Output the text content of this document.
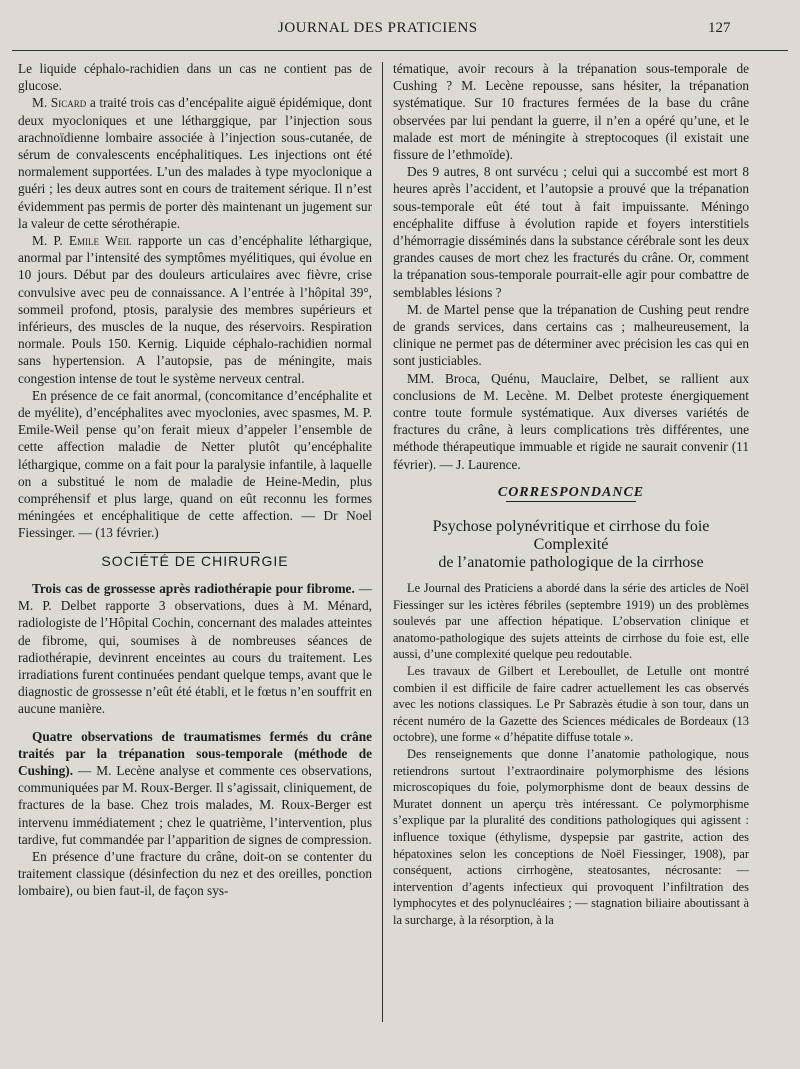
JOURNAL DES PRATICIENS	127

Le liquide céphalo-rachidien dans un cas ne contient pas de glucose.

M. Sicard a traité trois cas d’encépalite aiguë épidémique, dont deux myocloniques et une létharggique, par l’injection sous arachnoïdienne lombaire associée à l’injection sous-cutanée, de sérum de convalescents encéphalitiques. Les injections ont été normalement supportées. L’un des malades à type myoclonique a guéri ; les deux autres sont en cours de traitement sérique. Il n’est évidemment pas permis de porter dès maintenant un jugement sur la valeur de cette sérothérapie.

M. P. Emile Weil rapporte un cas d’encéphalite léthargique, anormal par l’intensité des symptômes myélitiques, qui évolue en 10 jours. Début par des douleurs articulaires avec fièvre, crise convulsive avec peu de connaissance. A l’entrée à l’hôpital 39°, sommeil profond, ptosis, paralysie des membres supérieurs et inférieurs, des muscles de la nuque, des réservoirs. Respiration normale. Pouls 150. Kernig. Liquide céphalo-rachidien normal sans hypertension. A l’autopsie, pas de méningite, mais congestion intense de tout le système nerveux central.

En présence de ce fait anormal, (concomitance d’encéphalite et de myélite), d’encéphalites avec myoclonies, avec spasmes, M. P. Emile-Weil pense qu’on ferait mieux d’appeler l’ensemble de cette affection maladie de Netter plutôt qu’encéphalite léthargique, comme on a fait pour la paralysie infantile, à laquelle on a substitué le nom de maladie de Heine-Medin, plus compréhensif et plus large, quand on eût reconnu les formes méningées et encéphalitique de cette affection. — Dr Noel Fiessinger. — (13 février.)

SOCIÉTÉ DE CHIRURGIE

Trois cas de grossesse après radiothérapie pour fibrome. — M. P. Delbet rapporte 3 observations, dues à M. Ménard, radiologiste de l’Hôpital Cochin, concernant des malades atteintes de fibrome, qui, soumises à de nombreuses séances de radiothérapie, devinrent enceintes au cours du traitement. Les irradiations furent continuées pendant quelque temps, avant que le diagnostic de grossesse n’eût été établi, et le fœtus n’en souffrit en aucune manière.

Quatre observations de traumatismes fermés du crâne traités par la trépanation sous-temporale (méthode de Cushing). — M. Lecène analyse et commente ces observations, communiquées par M. Roux-Berger. Il s’agissait, cliniquement, de fractures de la base. Chez trois malades, M. Roux-Berger est intervenu immédiatement ; chez le quatrième, l’intervention, plus tardive, fut commandée par l’apparition de signes de compression.

En présence d’une fracture du crâne, doit-on se contenter du traitement classique (désinfection du nez et des oreilles, ponction lombaire), ou bien faut-il, de façon sys-

tématique, avoir recours à la trépanation sous-temporale de Cushing ? M. Lecène repousse, sans hésiter, la trépanation systématique. Sur 10 fractures fermées de la base du crâne observées par lui pendant la guerre, il n’en a opéré qu’une, et le malade est mort de méningite à streptocoques (il existait une fissure de l’ethmoïde).

Des 9 autres, 8 ont survécu ; celui qui a succombé est mort 8 heures après l’accident, et l’autopsie a prouvé que la trépanation sous-temporale eût été tout à fait impuissante. Méningo encéphalite diffuse à évolution rapide et foyers interstitiels d’hémorragie disséminés dans la substance cérébrale sont les deux grandes causes de mort chez les fracturés du crâne. Or, comment la trépanation sous-temporale pourrait-elle agir pour combattre de semblables lésions ?

M. de Martel pense que la trépanation de Cushing peut rendre de grands services, dans certains cas ; malheureusement, la clinique ne permet pas de déterminer avec précision les cas qui en sont justiciables.

MM. Broca, Quénu, Mauclaire, Delbet, se rallient aux conclusions de M. Lecène. M. Delbet proteste énergiquement contre toute formule systématique. Aux diverses variétés de fractures du crâne, à leurs complications très différentes, une méthode thérapeutique immuable et rigide ne saurait convenir (11 février). — J. Laurence.

CORRESPONDANCE
Psychose polynévritique et cirrhose du foie
Complexité
de l’anatomie pathologique de la cirrhose

Le Journal des Praticiens a abordé dans la série des articles de Noël Fiessinger sur les ictères fébriles (septembre 1919) un des problèmes soulevés par une affection hépatique. L’observation clinique et anatomo-pathologique des sujets atteints de cirrhose du foie est, elle aussi, d’une complexité quelque peu redoutable.

Les travaux de Gilbert et Lereboullet, de Letulle ont montré combien il est difficile de faire cadrer actuellement les cas observés avec les notions classiques. Le Pr Sabrazès étudie à son tour, dans un récent numéro de la Gazette des Sciences médicales de Bordeaux (13 octobre), une forme « d’hépatite diffuse totale ».

Des renseignements que donne l’anatomie pathologique, nous retiendrons surtout l’extraordinaire polymorphisme des lésions microscopiques du foie, polymorphisme dont de beaux dessins de Muratet donnent un aperçu très intéressant. Ce polymorphisme s’explique par la pluralité des conditions pathologiques qui agissent : influence toxique (éthylisme, dyspepsie par gastrite, action des hépatoxines selon les conceptions de Noël Fiessinger, 1908), par conséquent, actions cirrhogène, steatosantes, nécrosante: — intervention d’agents infectieux qui provoquent l’infiltration des lymphocytes et des polynucléaires ; — stagnation biliaire aboutissant à la surcharge, à la résorption, à la
